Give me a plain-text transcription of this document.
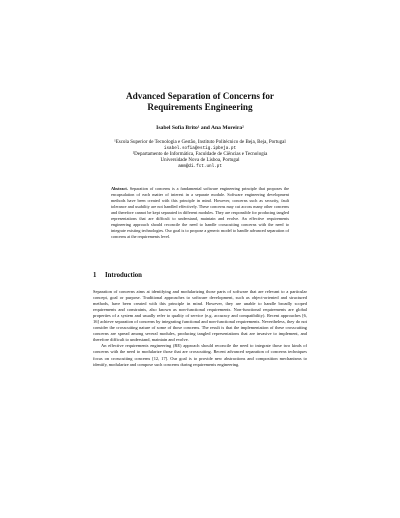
Advanced Separation of Concerns for
Requirements Engineering
Isabel Sofia Brito¹ and Ana Moreira²
¹Escola Superior de Tecnologia e Gestão, Instituto Politécnico de Beja, Beja, Portugal
isabel.sofia@estig.ipbeja.pt
²Departamento de Informática, Faculdade de Ciências e Tecnologia
Universidade Nova de Lisboa, Portugal
amm@di.fct.unl.pt
Abstract. Separation of concerns is a fundamental software engineering principle that proposes the encapsulation of each matter of interest in a separate module. Software engineering development methods have been created with this principle in mind. However, concerns such as security, fault tolerance and usability are not handled effectively. These concerns may cut across many other concerns and therefore cannot be kept separated in different modules. They are responsible for producing tangled representations that are difficult to understand, maintain and evolve. An effective requirements engineering approach should reconcile the need to handle crosscutting concerns with the need to integrate existing technologies. Our goal is to propose a generic model to handle advanced separation of concerns at the requirements level.
1 Introduction

Separation of concerns aims at identifying and modularizing those parts of software that are relevant to a particular concept, goal or purpose. Traditional approaches to software development, such as object-oriented and structured methods, have been created with this principle in mind. However, they are unable to handle broadly scoped requirements and constraints, also known as non-functional requirements. Non-functional requirements are global properties of a system and usually refer to quality of service (e.g. accuracy and compatibility). Recent approaches [6, 16] achieve separation of concerns by integrating functional and non-functional requirements. Nevertheless, they do not consider the crosscutting nature of some of those concerns. The result is that the implementation of these crosscutting concerns are spread among several modules, producing tangled representations that are invasive to implement, and therefore difficult to understand, maintain and evolve.

An effective requirements engineering (RE) approach should reconcile the need to integrate those two kinds of concerns with the need to modularize those that are crosscutting. Recent advanced separation of concerns techniques focus on crosscutting concerns [12, 17]. Our goal is to provide new abstractions and composition mechanisms to identify, modularize and compose such concerns during requirements engineering.
